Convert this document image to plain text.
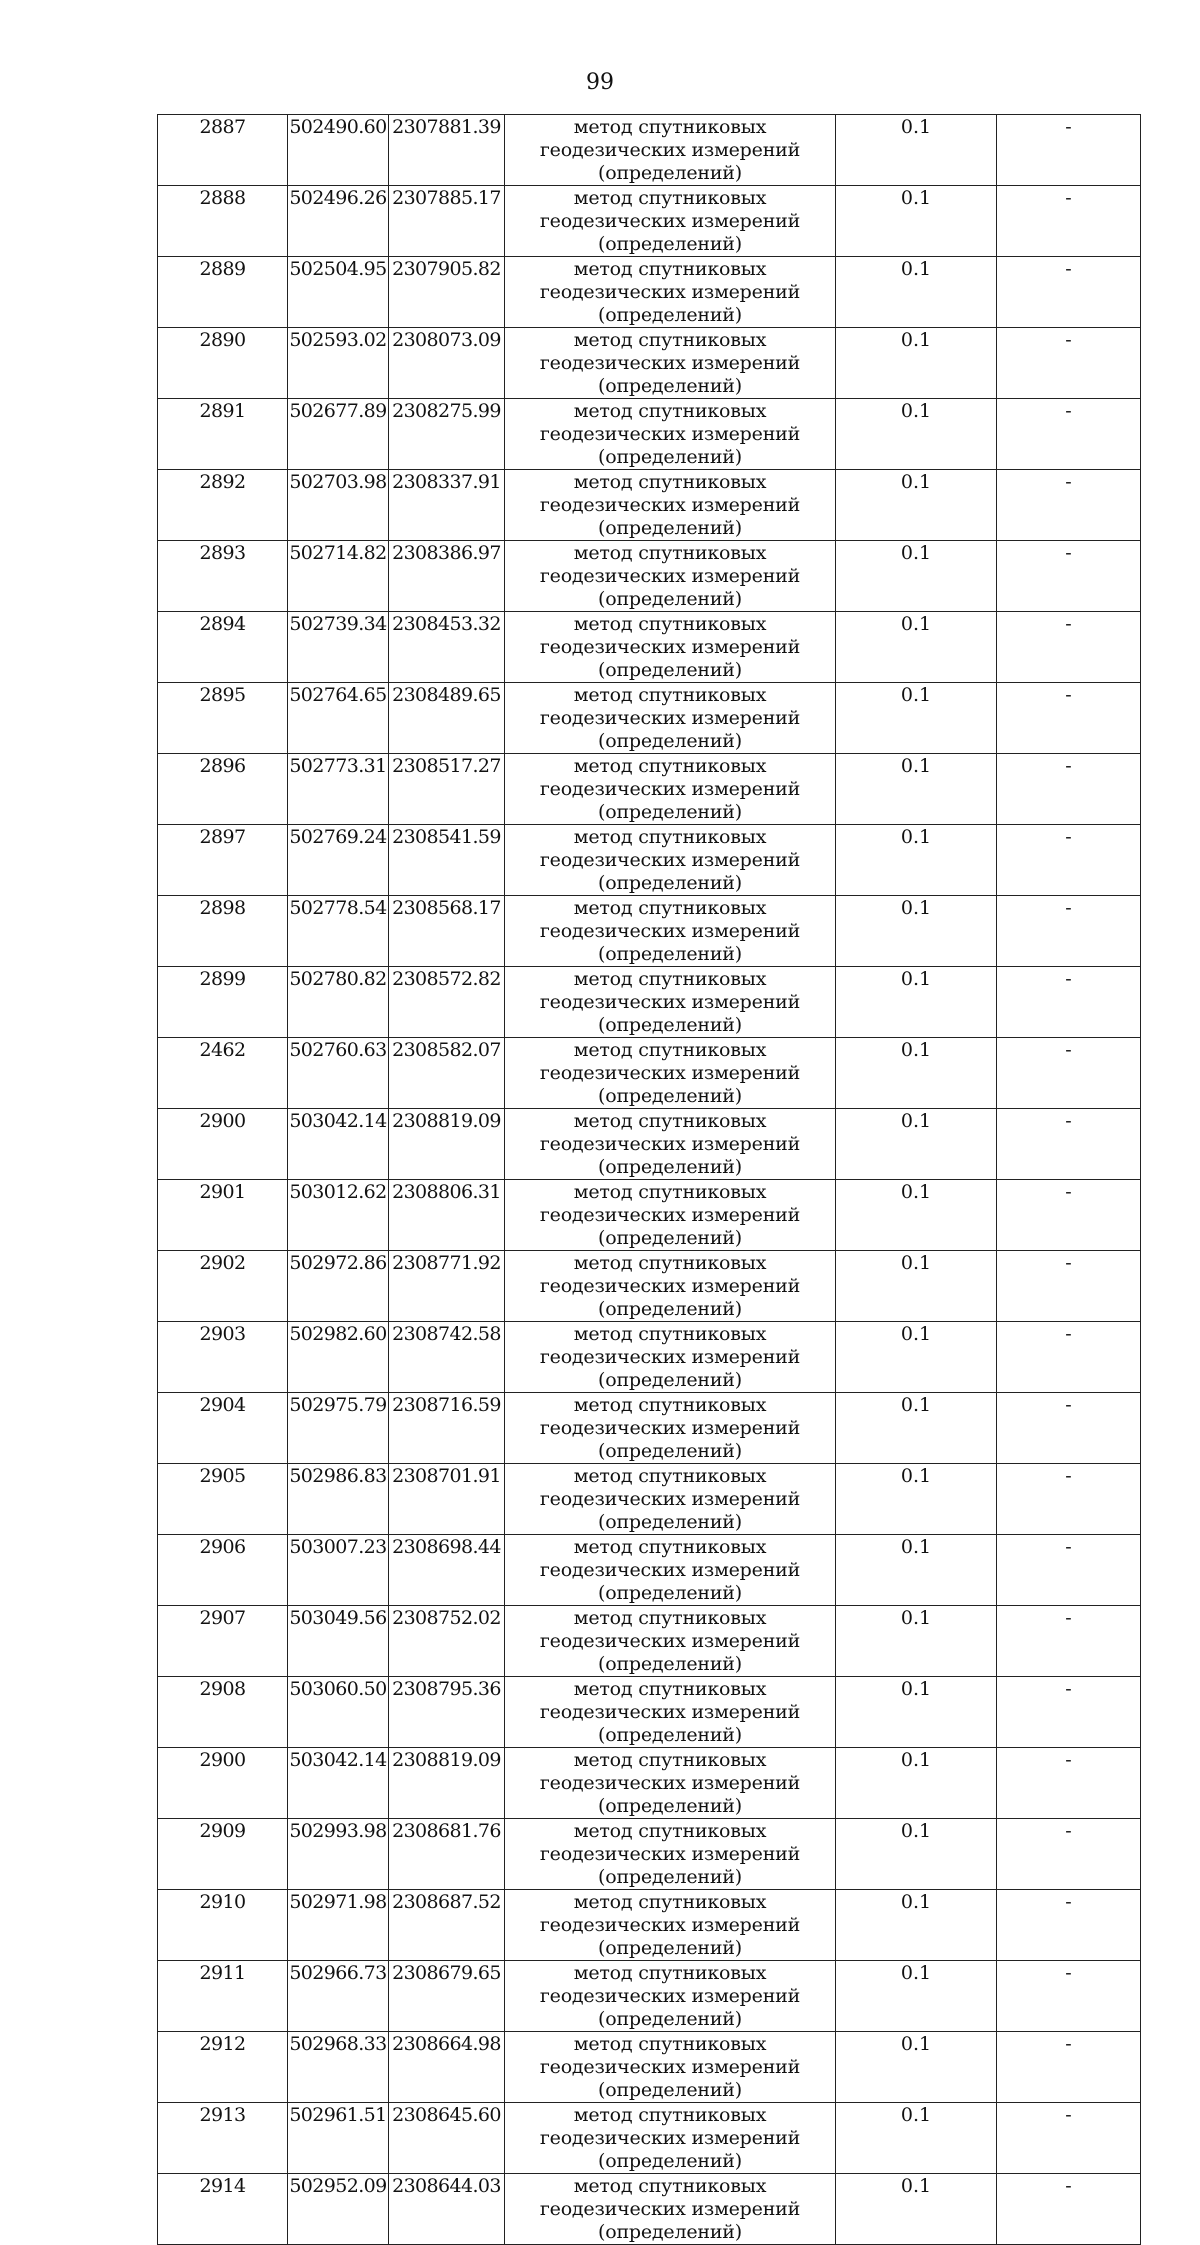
99
2887	502490.60	2307881.39	метод спутниковых геодезических измерений (определений)	0.1	-
2888	502496.26	2307885.17	метод спутниковых геодезических измерений (определений)	0.1	-
2889	502504.95	2307905.82	метод спутниковых геодезических измерений (определений)	0.1	-
2890	502593.02	2308073.09	метод спутниковых геодезических измерений (определений)	0.1	-
2891	502677.89	2308275.99	метод спутниковых геодезических измерений (определений)	0.1	-
2892	502703.98	2308337.91	метод спутниковых геодезических измерений (определений)	0.1	-
2893	502714.82	2308386.97	метод спутниковых геодезических измерений (определений)	0.1	-
2894	502739.34	2308453.32	метод спутниковых геодезических измерений (определений)	0.1	-
2895	502764.65	2308489.65	метод спутниковых геодезических измерений (определений)	0.1	-
2896	502773.31	2308517.27	метод спутниковых геодезических измерений (определений)	0.1	-
2897	502769.24	2308541.59	метод спутниковых геодезических измерений (определений)	0.1	-
2898	502778.54	2308568.17	метод спутниковых геодезических измерений (определений)	0.1	-
2899	502780.82	2308572.82	метод спутниковых геодезических измерений (определений)	0.1	-
2462	502760.63	2308582.07	метод спутниковых геодезических измерений (определений)	0.1	-
2900	503042.14	2308819.09	метод спутниковых геодезических измерений (определений)	0.1	-
2901	503012.62	2308806.31	метод спутниковых геодезических измерений (определений)	0.1	-
2902	502972.86	2308771.92	метод спутниковых геодезических измерений (определений)	0.1	-
2903	502982.60	2308742.58	метод спутниковых геодезических измерений (определений)	0.1	-
2904	502975.79	2308716.59	метод спутниковых геодезических измерений (определений)	0.1	-
2905	502986.83	2308701.91	метод спутниковых геодезических измерений (определений)	0.1	-
2906	503007.23	2308698.44	метод спутниковых геодезических измерений (определений)	0.1	-
2907	503049.56	2308752.02	метод спутниковых геодезических измерений (определений)	0.1	-
2908	503060.50	2308795.36	метод спутниковых геодезических измерений (определений)	0.1	-
2900	503042.14	2308819.09	метод спутниковых геодезических измерений (определений)	0.1	-
2909	502993.98	2308681.76	метод спутниковых геодезических измерений (определений)	0.1	-
2910	502971.98	2308687.52	метод спутниковых геодезических измерений (определений)	0.1	-
2911	502966.73	2308679.65	метод спутниковых геодезических измерений (определений)	0.1	-
2912	502968.33	2308664.98	метод спутниковых геодезических измерений (определений)	0.1	-
2913	502961.51	2308645.60	метод спутниковых геодезических измерений (определений)	0.1	-
2914	502952.09	2308644.03	метод спутниковых геодезических измерений (определений)	0.1	-
